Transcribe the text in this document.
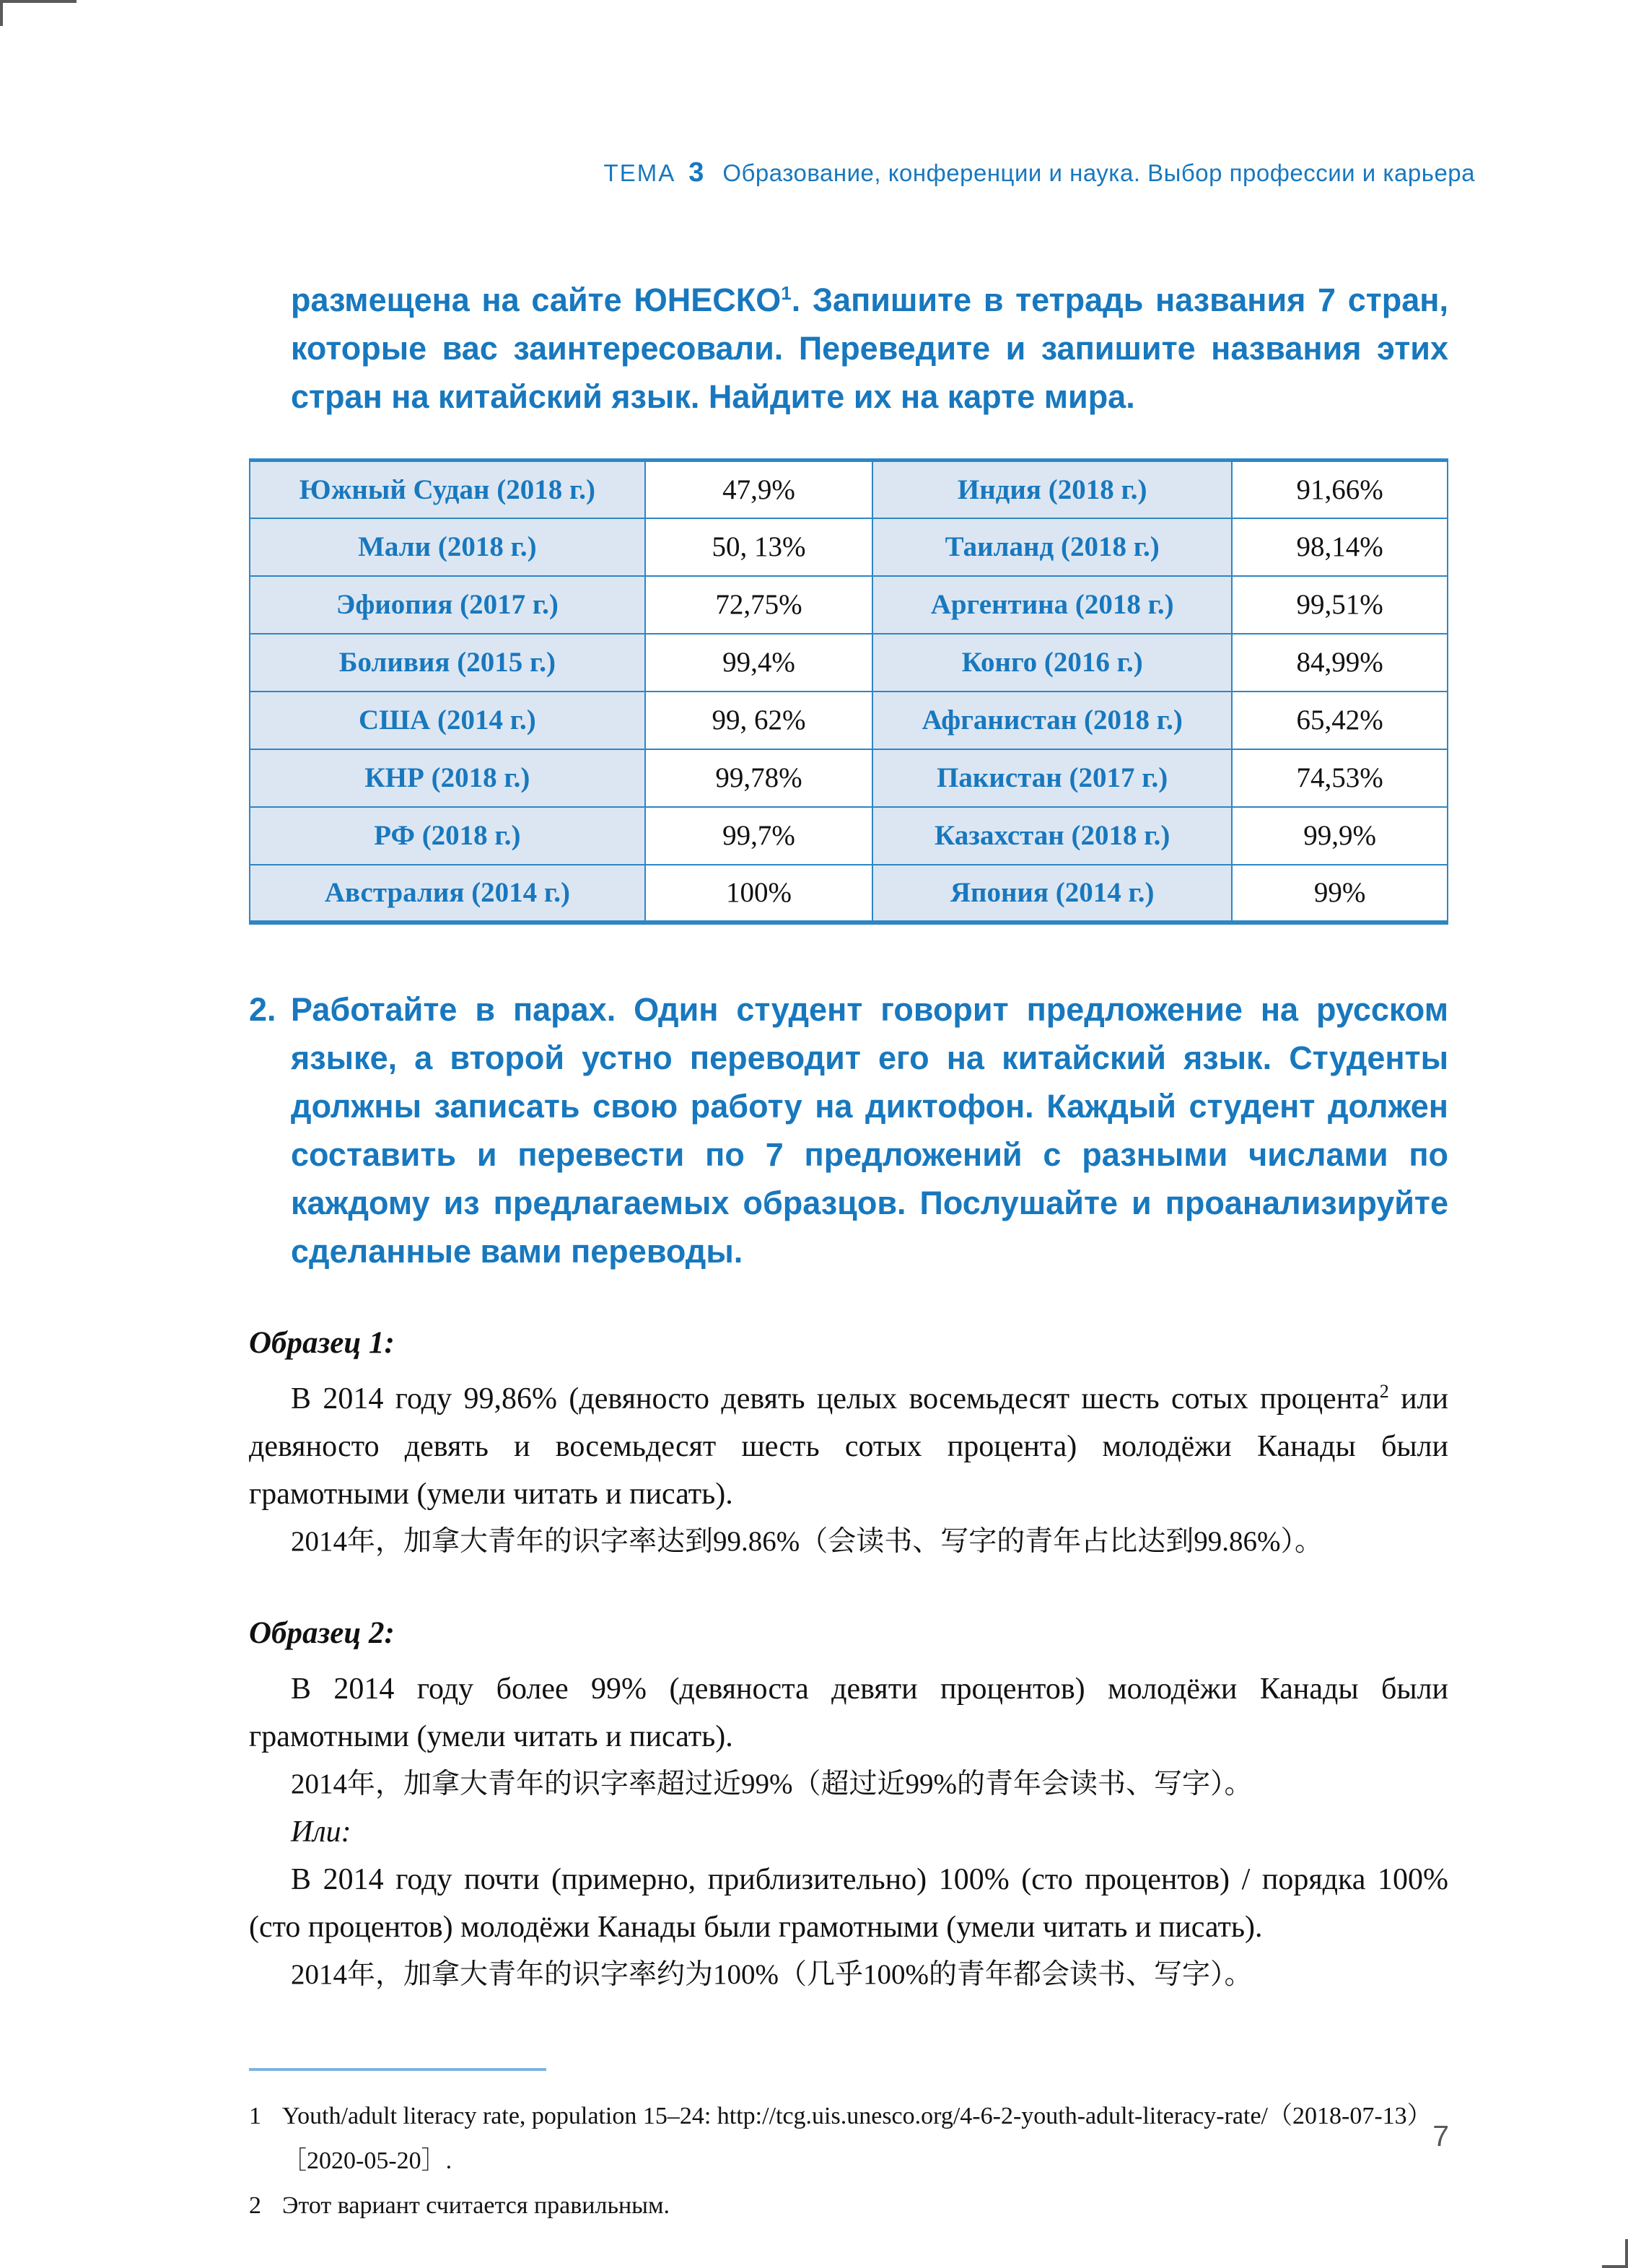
ТЕМА 3 Образование, конференции и наука. Выбор профессии и карьера

размещена на сайте ЮНЕСКО$^1$. Запишите в тетрадь названия 7 стран, которые вас заинтересовали. Переведите и запишите названия этих стран на китайский язык. Найдите их на карте мира.

Южный Судан (2018 г.)	47,9%	Индия (2018 г.)	91,66%
Мали (2018 г.)	50, 13%	Таиланд (2018 г.)	98,14%
Эфиопия (2017 г.)	72,75%	Аргентина (2018 г.)	99,51%
Боливия (2015 г.)	99,4%	Конго (2016 г.)	84,99%
США (2014 г.)	99, 62%	Афганистан (2018 г.)	65,42%
КНР (2018 г.)	99,78%	Пакистан (2017 г.)	74,53%
РФ (2018 г.)	99,7%	Казахстан (2018 г.)	99,9%
Австралия (2014 г.)	100%	Япония (2014 г.)	99%

2. Работайте в парах. Один студент говорит предложение на русском языке, а второй устно переводит его на китайский язык. Студенты должны записать свою работу на диктофон. Каждый студент должен составить и перевести по 7 предложений с разными числами по каждому из предлагаемых образцов. Послушайте и проанализируйте сделанные вами переводы.

Образец 1:

В 2014 году 99,86% (девяносто девять целых восемьдесят шесть сотых процента$^2$ или девяносто девять и восемьдесят шесть сотых процента) молодёжи Канады были грамотными (умели читать и писать).

2014年，加拿大青年的识字率达到99.86%（会读书、写字的青年占比达到99.86%）。

Образец 2:

В 2014 году более 99% (девяноста девяти процентов) молодёжи Канады были грамотными (умели читать и писать).

2014年，加拿大青年的识字率超过近99%（超过近99%的青年会读书、写字）。

Или:

В 2014 году почти (примерно, приблизительно) 100% (сто процентов) / порядка 100% (сто процентов) молодёжи Канады были грамотными (умели читать и писать).

2014年，加拿大青年的识字率约为100%（几乎100%的青年都会读书、写字）。

1 Youth/adult literacy rate, population 15–24: http://tcg.uis.unesco.org/4-6-2-youth-adult-literacy-rate/（2018-07-13）［2020-05-20］.
2 Этот вариант считается правильным.
7
